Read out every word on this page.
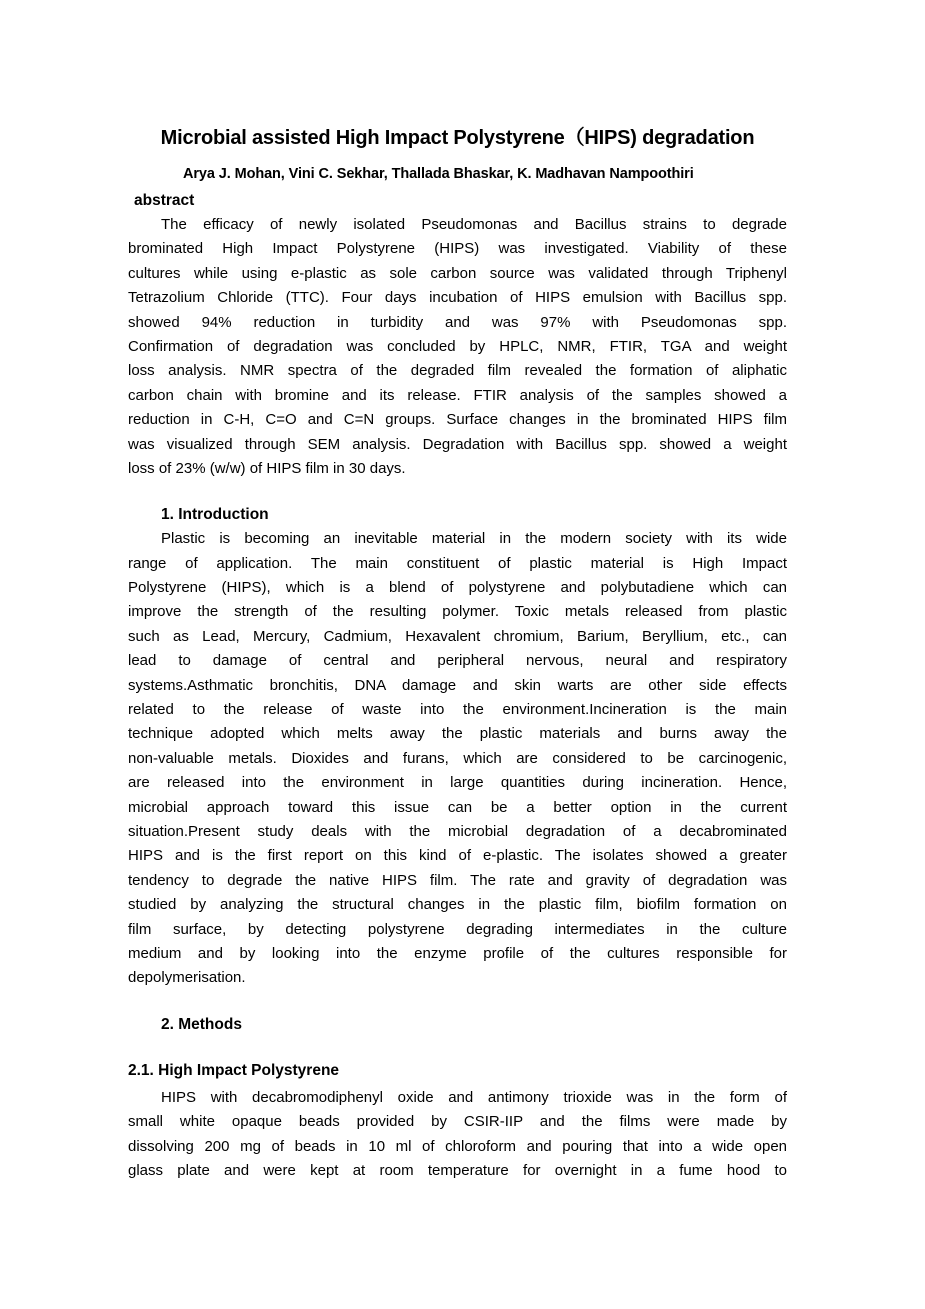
Microbial assisted High Impact Polystyrene（HIPS) degradation
Arya J. Mohan, Vini C. Sekhar, Thallada Bhaskar, K. Madhavan Nampoothiri
abstract
The efficacy of newly isolated Pseudomonas and Bacillus strains to degrade
brominated High Impact Polystyrene (HIPS) was investigated. Viability of these
cultures while using e-plastic as sole carbon source was validated through Triphenyl
Tetrazolium Chloride (TTC). Four days incubation of HIPS emulsion with Bacillus spp.
showed 94% reduction in turbidity and was 97% with Pseudomonas spp.
Confirmation of degradation was concluded by HPLC, NMR, FTIR, TGA and weight
loss analysis. NMR spectra of the degraded film revealed the formation of aliphatic
carbon chain with bromine and its release. FTIR analysis of the samples showed a
reduction in C-H, C=O and C=N groups. Surface changes in the brominated HIPS film
was visualized through SEM analysis. Degradation with Bacillus spp. showed a weight
loss of 23% (w/w) of HIPS film in 30 days.
1. Introduction
Plastic is becoming an inevitable material in the modern society with its wide
range of application. The main constituent of plastic material is High Impact
Polystyrene (HIPS), which is a blend of polystyrene and polybutadiene which can
improve the strength of the resulting polymer. Toxic metals released from plastic
such as Lead, Mercury, Cadmium, Hexavalent chromium, Barium, Beryllium, etc., can
lead to damage of central and peripheral nervous, neural and respiratory
systems.Asthmatic bronchitis, DNA damage and skin warts are other side effects
related to the release of waste into the environment.Incineration is the main
technique adopted which melts away the plastic materials and burns away the
non-valuable metals. Dioxides and furans, which are considered to be carcinogenic,
are released into the environment in large quantities during incineration. Hence,
microbial approach toward this issue can be a better option in the current
situation.Present study deals with the microbial degradation of a decabrominated
HIPS and is the first report on this kind of e-plastic. The isolates showed a greater
tendency to degrade the native HIPS film. The rate and gravity of degradation was
studied by analyzing the structural changes in the plastic film, biofilm formation on
film surface, by detecting polystyrene degrading intermediates in the culture
medium and by looking into the enzyme profile of the cultures responsible for
depolymerisation.
2. Methods
2.1. High Impact Polystyrene
HIPS with decabromodiphenyl oxide and antimony trioxide was in the form of
small white opaque beads provided by CSIR-IIP and the films were made by
dissolving 200 mg of beads in 10 ml of chloroform and pouring that into a wide open
glass plate and were kept at room temperature for overnight in a fume hood to
